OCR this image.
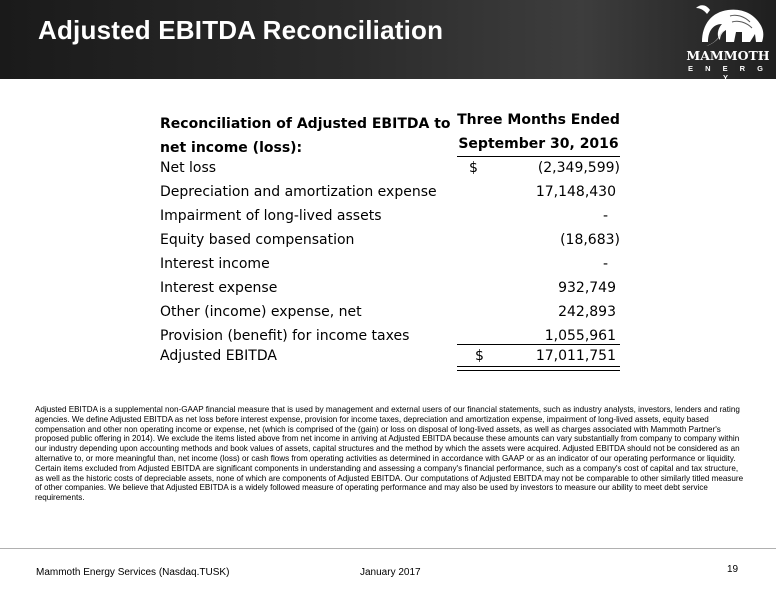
Adjusted EBITDA Reconciliation
MAMMOTH
E N E R G Y
Reconciliation of Adjusted EBITDA to net income (loss):
Three Months Ended
September 30, 2016
Net loss	$	(2,349,599)
Depreciation and amortization expense	17,148,430
Impairment of long-lived assets	-
Equity based compensation	(18,683)
Interest income	-
Interest expense	932,749
Other (income) expense, net	242,893
Provision (benefit) for income taxes	1,055,961
Adjusted EBITDA	$	17,011,751
Adjusted EBITDA is a supplemental non-GAAP financial measure that is used by management and external users of our financial statements, such as industry analysts, investors, lenders and rating agencies. We define Adjusted EBITDA as net loss before interest expense, provision for income taxes, depreciation and amortization expense, impairment of long-lived assets, equity based compensation and other non operating income or expense, net (which is comprised of the (gain) or loss on disposal of long-lived assets, as well as charges associated with Mammoth Partner's proposed public offering in 2014). We exclude the items listed above from net income in arriving at Adjusted EBITDA because these amounts can vary substantially from company to company within our industry depending upon accounting methods and book values of assets, capital structures and the method by which the assets were acquired. Adjusted EBITDA should not be considered as an alternative to, or more meaningful than, net income (loss) or cash flows from operating activities as determined in accordance with GAAP or as an indicator of our operating performance or liquidity. Certain items excluded from Adjusted EBITDA are significant components in understanding and assessing a company's financial performance, such as a company's cost of capital and tax structure, as well as the historic costs of depreciable assets, none of which are components of Adjusted EBITDA. Our computations of Adjusted EBITDA may not be comparable to other similarly titled measure of other companies. We believe that Adjusted EBITDA is a widely followed measure of operating performance and may also be used by investors to measure our ability to meet debt service requirements.
Mammoth Energy Services (Nasdaq.TUSK)	January 2017	19
